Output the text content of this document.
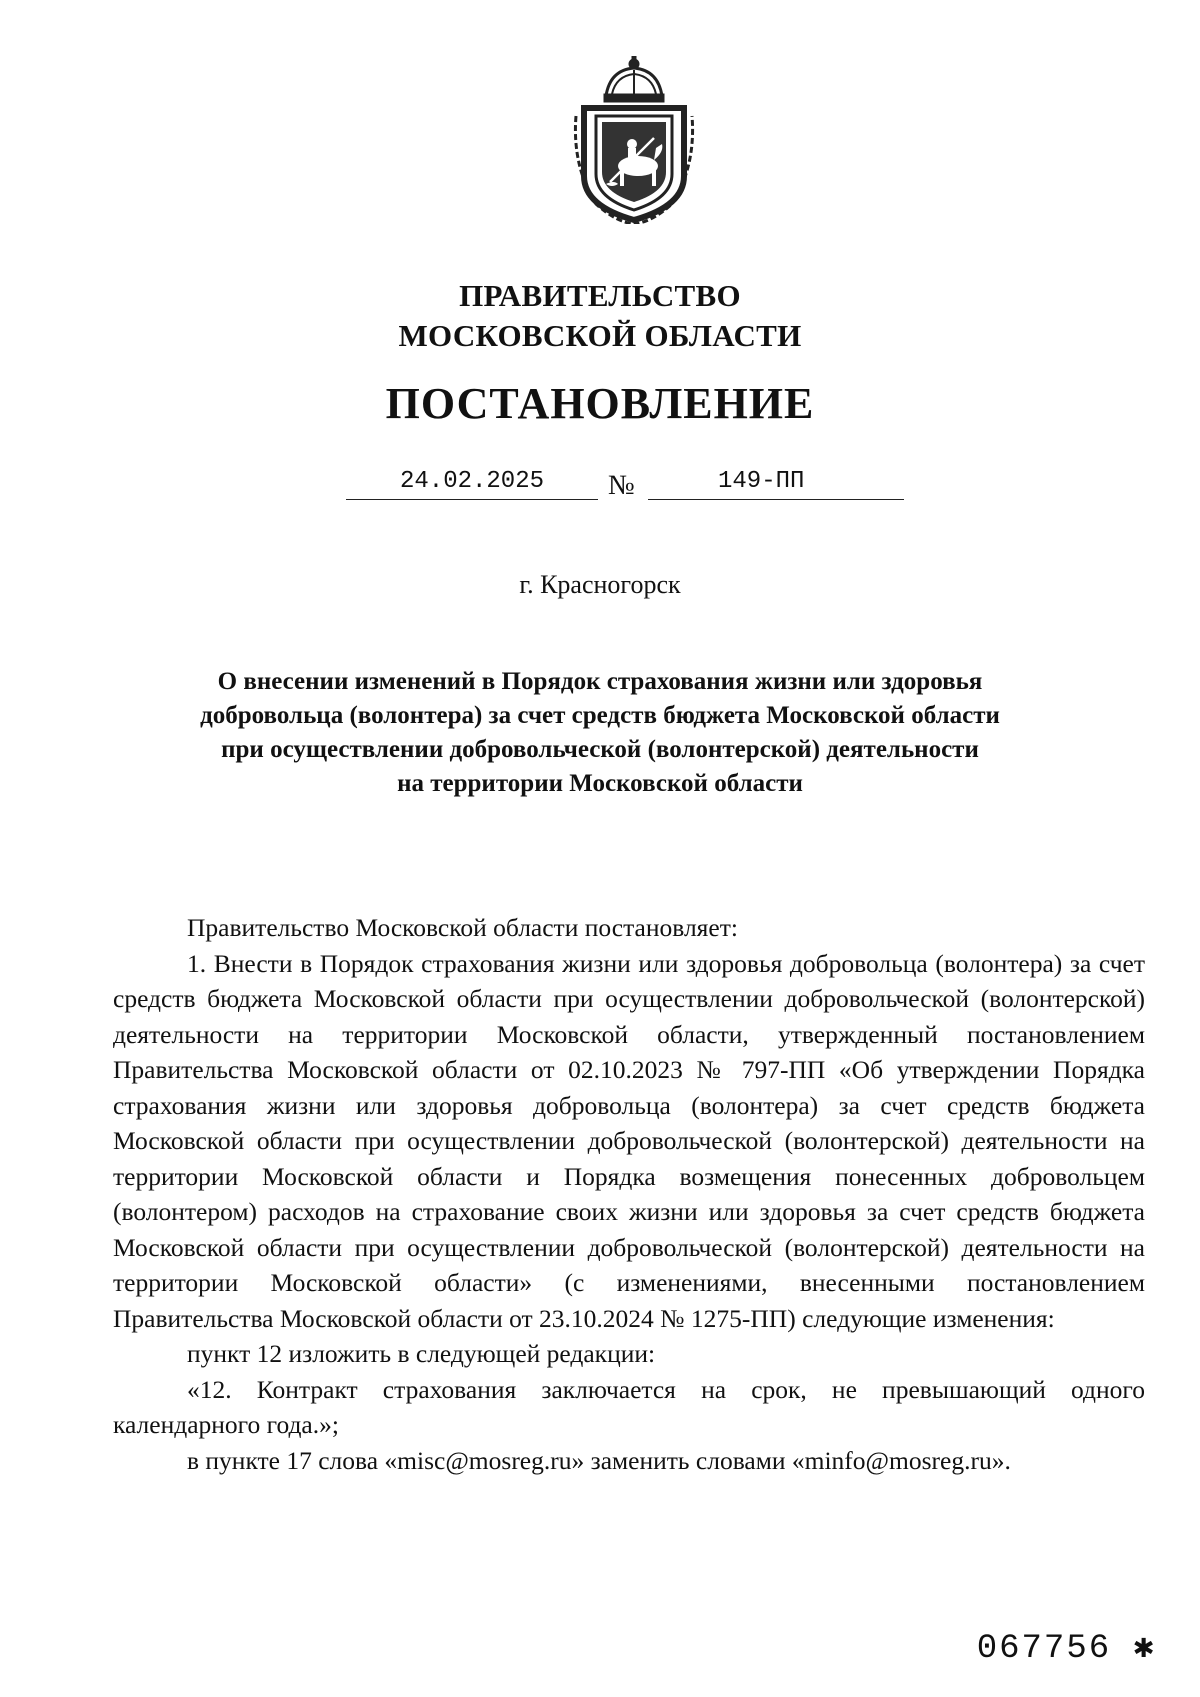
ПРАВИТЕЛЬСТВО
МОСКОВСКОЙ ОБЛАСТИ
ПОСТАНОВЛЕНИЕ
24.02.2025	№	149-ПП
г. Красногорск
О внесении изменений в Порядок страхования жизни или здоровья
добровольца (волонтера) за счет средств бюджета Московской области
при осуществлении добровольческой (волонтерской) деятельности
на территории Московской области

Правительство Московской области постановляет:

1. Внести в Порядок страхования жизни или здоровья добровольца (волонтера) за счет средств бюджета Московской области при осуществлении добровольческой (волонтерской) деятельности на территории Московской области, утвержденный постановлением Правительства Московской области от 02.10.2023 № 797-ПП «Об утверждении Порядка страхования жизни или здоровья добровольца (волонтера) за счет средств бюджета Московской области при осуществлении добровольческой (волонтерской) деятельности на территории Московской области и Порядка возмещения понесенных добровольцем (волонтером) расходов на страхование своих жизни или здоровья за счет средств бюджета Московской области при осуществлении добровольческой (волонтерской) деятельности на территории Московской области» (с изменениями, внесенными постановлением Правительства Московской области от 23.10.2024 № 1275-ПП) следующие изменения:

пункт 12 изложить в следующей редакции:

«12. Контракт страхования заключается на срок, не превышающий одного календарного года.»;

в пункте 17 слова «misc@mosreg.ru» заменить словами «minfo@mosreg.ru».

067756 ✱
